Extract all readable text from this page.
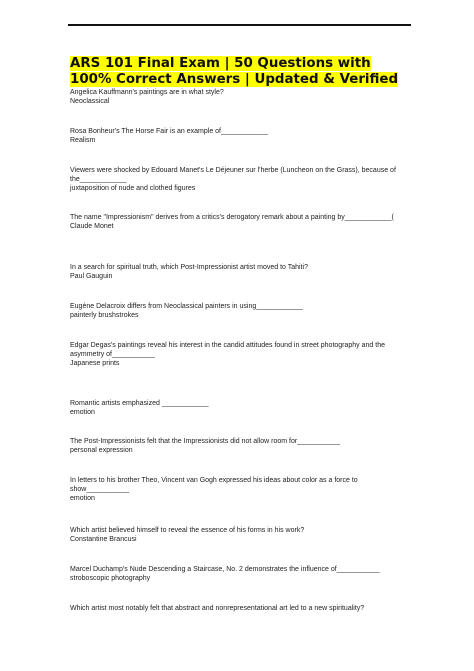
ARS 101 Final Exam | 50 Questions with 100% Correct Answers | Updated & Verified
Angelica Kauffmann's paintings are in what style?
Neoclassical
Rosa Bonheur's The Horse Fair is an example of____________
Realism
Viewers were shocked by Edouard Manet's Le Déjeuner sur l'herbe (Luncheon on the Grass), because of the____________
juxtaposition of nude and clothed figures
The name "Impressionism" derives from a critics's derogatory remark about a painting by____________(
Claude Monet
In a search for spiritual truth, which Post-Impressionist artist moved to Tahiti?
Paul Gauguin
Eugène Delacroix differs from Neoclassical painters in using____________
painterly brushstrokes
Edgar Degas's paintings reveal his interest in the candid attitudes found in street photography and the asymmetry of___________
Japanese prints
Romantic artists emphasized ____________
emotion
The Post-Impressionists felt that the Impressionists did not allow room for___________
personal expression
In letters to his brother Theo, Vincent van Gogh expressed his ideas about color as a force to show___________
emotion
Which artist believed himself to reveal the essence of his forms in his work?
Constantine Brancusi
Marcel Duchamp's Nude Descending a Staircase, No. 2 demonstrates the influence of___________
stroboscopic photography
Which artist most notably felt that abstract and nonrepresentational art led to a new spirituality?
